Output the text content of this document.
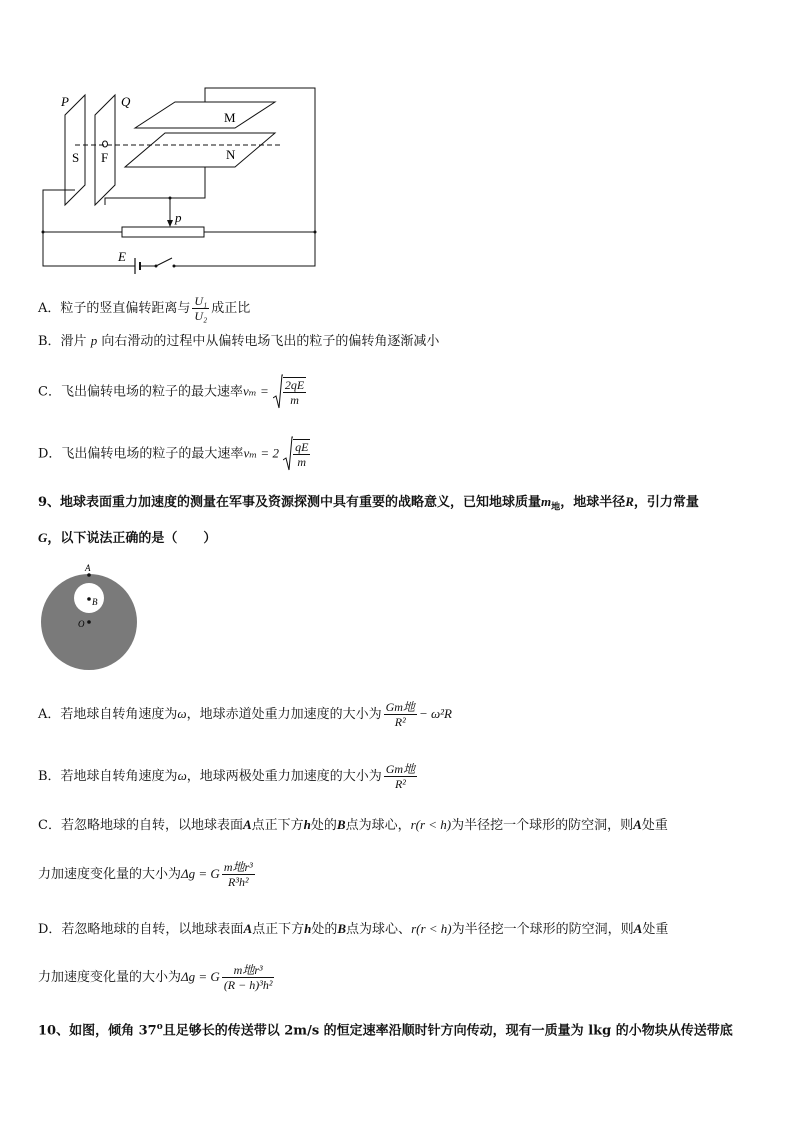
P	Q
S F
M
N
p
E
A．粒子的竖直偏转距离与 $\frac{\text{U₁}}{\text{U₂}}$ 成正比
B．滑片 p 向右滑动的过程中从偏转电场飞出的粒子的偏转角逐渐减小
C．飞出偏转电场的粒子的最大速率$v_m = \frac{2qE}{m}$
D．飞出偏转电场的粒子的最大速率$v_m = 2 \frac{qE}{m}$
9、地球表面重力加速度的测量在军事及资源探测中具有重要的战略意义，已知地球质量$m_地$，地球半径R，引力常量
G，以下说法正确的是（　　）
A
B
O
A．若地球自转角速度为ω，地球赤道处重力加速度的大小为 $\frac{\text{Gm地}}{\text{R²}} - \omega^2R$
B．若地球自转角速度为ω，地球两极处重力加速度的大小为 $\frac{\text{Gm地}}{\text{R²}}$
C．若忽略地球的自转，以地球表面A点正下方h处的B点为球心，r(r < h)为半径挖一个球形的防空洞，则A处重
力加速度变化量的大小为Δg = G $\frac{\text{m地r³}}{\text{R³h²}}$
D．若忽略地球的自转，以地球表面A点正下方h处的B点为球心、r(r < h)为半径挖一个球形的防空洞，则A处重
力加速度变化量的大小为Δg = G $\frac{\text{m地r³}}{\text{(R − h)³h²}}$
10、如图，倾角 37$^o$且足够长的传送带以 2m/s 的恒定速率沿顺时针方向传动，现有一质量为 lkg 的小物块从传送带底
